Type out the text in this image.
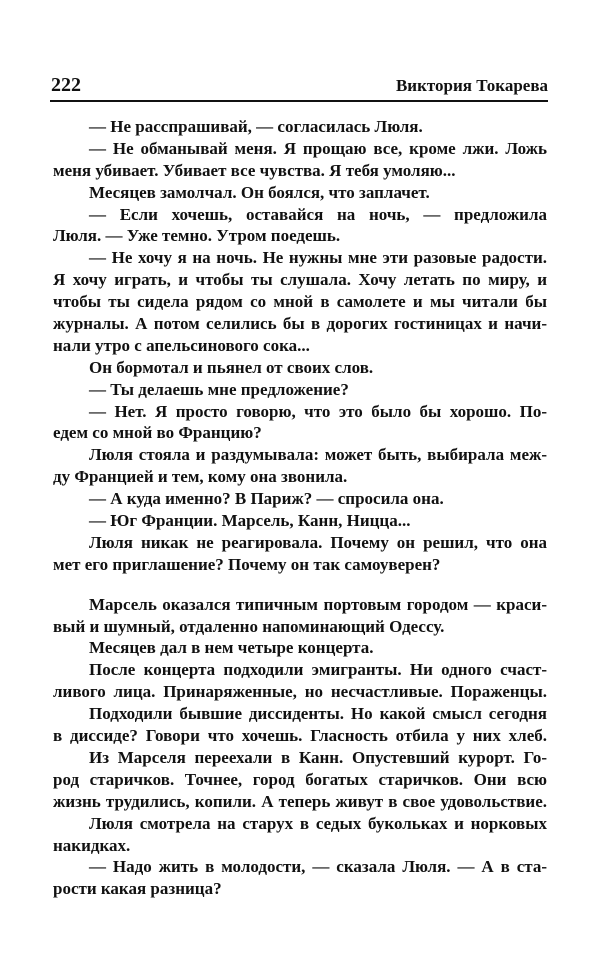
222	Виктория Токарева
— Не расспрашивай, — согласилась Люля.
— Не обманывай меня. Я прощаю все, кроме лжи. Ложь
меня убивает. Убивает все чувства. Я тебя умоляю...
Месяцев замолчал. Он боялся, что заплачет.
— Если хочешь, оставайся на ночь, — предложила
Люля. — Уже темно. Утром поедешь.
— Не хочу я на ночь. Не нужны мне эти разовые радости.
Я хочу играть, и чтобы ты слушала. Хочу летать по миру, и
чтобы ты сидела рядом со мной в самолете и мы читали бы
журналы. А потом селились бы в дорогих гостиницах и начи-
нали утро с апельсинового сока...
Он бормотал и пьянел от своих слов.
— Ты делаешь мне предложение?
— Нет. Я просто говорю, что это было бы хорошо. По-
едем со мной во Францию?
Люля стояла и раздумывала: может быть, выбирала меж-
ду Францией и тем, кому она звонила.
— А куда именно? В Париж? — спросила она.
— Юг Франции. Марсель, Канн, Ницца...
Люля никак не реагировала. Почему он решил, что она
мет его приглашение? Почему он так самоуверен?
Марсель оказался типичным портовым городом — краси-
вый и шумный, отдаленно напоминающий Одессу.
Месяцев дал в нем четыре концерта.
После концерта подходили эмигранты. Ни одного счаст-
ливого лица. Принаряженные, но несчастливые. Пораженцы.
Подходили бывшие диссиденты. Но какой смысл сегодня
в диссиде? Говори что хочешь. Гласность отбила у них хлеб.
Из Марселя переехали в Канн. Опустевший курорт. Го-
род старичков. Точнее, город богатых старичков. Они всю
жизнь трудились, копили. А теперь живут в свое удовольствие.
Люля смотрела на старух в седых букольках и норковых
накидках.
— Надо жить в молодости, — сказала Люля. — А в ста-
рости какая разница?
